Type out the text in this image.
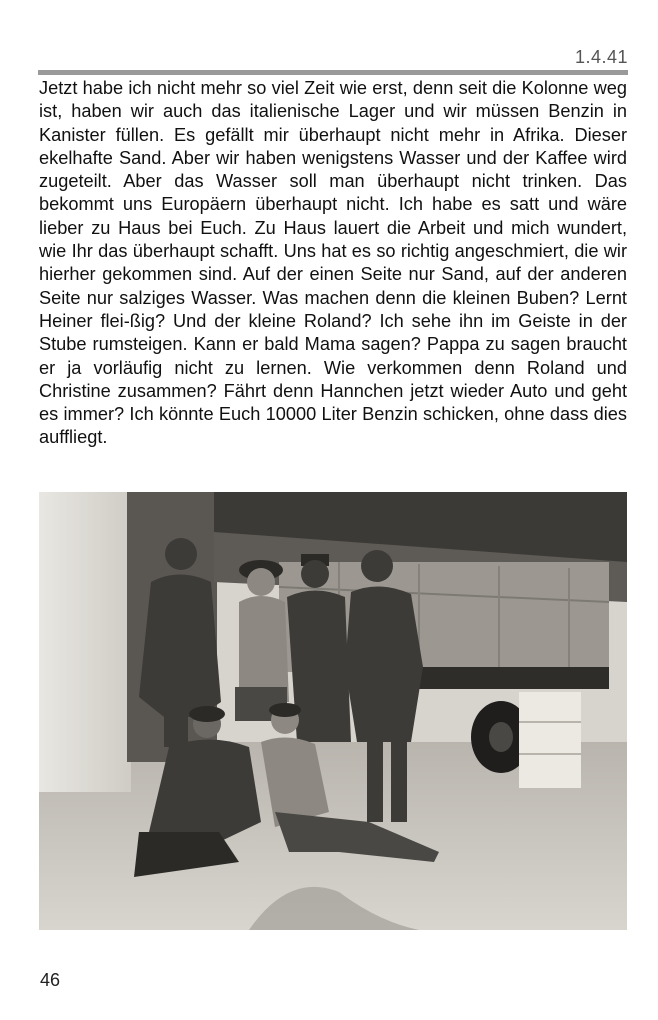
1.4.41

Jetzt habe ich nicht mehr so viel Zeit wie erst, denn seit die Kolonne weg ist, haben wir auch das italienische Lager und wir müssen Benzin in Kanister füllen. Es gefällt mir überhaupt nicht mehr in Afrika. Dieser ekelhafte Sand. Aber wir haben wenigstens Wasser und der Kaffee wird zugeteilt. Aber das Wasser soll man überhaupt nicht trinken. Das bekommt uns Europäern überhaupt nicht. Ich habe es satt und wäre lieber zu Haus bei Euch. Zu Haus lauert die Arbeit und mich wundert, wie Ihr das überhaupt schafft. Uns hat es so richtig angeschmiert, die wir hierher gekommen sind. Auf der einen Seite nur Sand, auf der anderen Seite nur salziges Wasser. Was machen denn die kleinen Buben? Lernt Heiner flei-ßig? Und der kleine Roland? Ich sehe ihn im Geiste in der Stube rumsteigen. Kann er bald Mama sagen? Pappa zu sagen braucht er ja vorläufig nicht zu lernen. Wie verkommen denn Roland und Christine zusammen? Fährt denn Hannchen jetzt wieder Auto und geht es immer? Ich könnte Euch 10000 Liter Benzin schicken, ohne dass dies auffliegt.

46
